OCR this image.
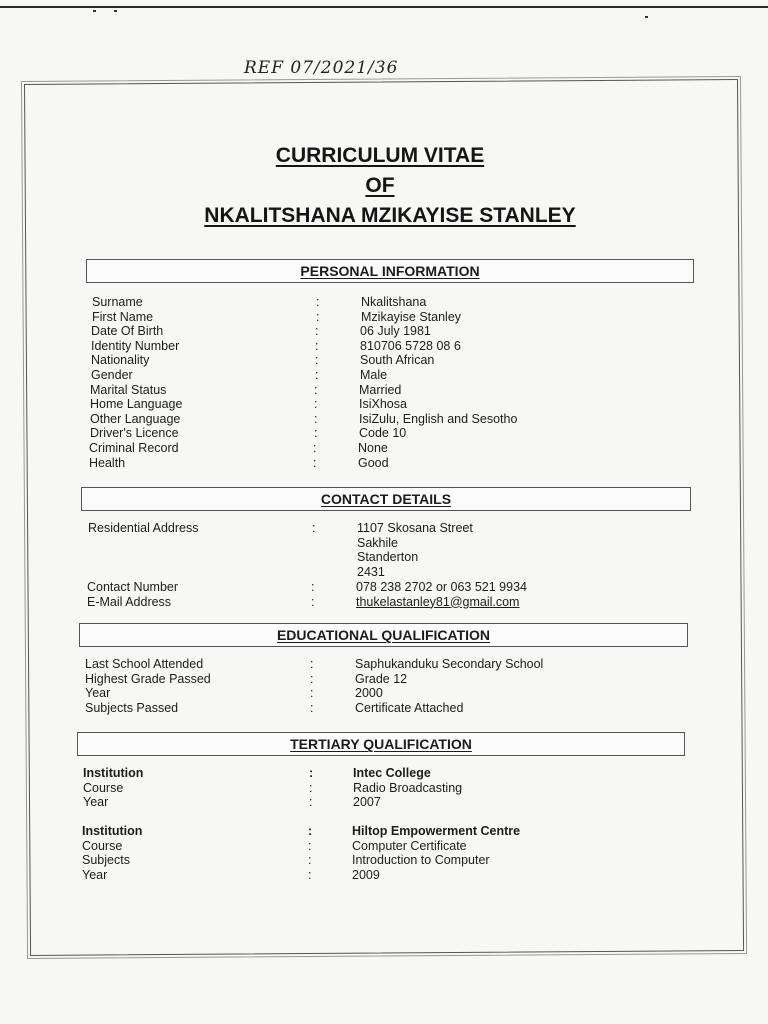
REF 07/2021/36
CURRICULUM VITAE
OF
NKALITSHANA MZIKAYISE STANLEY
PERSONAL INFORMATION
CONTACT DETAILS
EDUCATIONAL QUALIFICATION
TERTIARY QUALIFICATION
Surname	:	Nkalitshana
First Name	:	Mzikayise Stanley
Date Of Birth	:	06 July 1981
Identity Number	:	810706 5728 08 6
Nationality	:	South African
Gender	:	Male
Marital Status	:	Married
Home Language	:	IsiXhosa
Other Language	:	IsiZulu, English and Sesotho
Driver's Licence	:	Code 10
Criminal Record	:	None
Health	:	Good
Residential Address	:	1107 Skosana Street
Sakhile
Standerton
2431
Contact Number	:	078 238 2702 or 063 521 9934
E-Mail Address	:	thukelastanley81@gmail.com
Last School Attended	:	Saphukanduku Secondary School
Highest Grade Passed	:	Grade 12
Year	:	2000
Subjects Passed	:	Certificate Attached
Institution	:	Intec College
Course	:	Radio Broadcasting
Year	:	2007
Institution	:	Hiltop Empowerment Centre
Course	:	Computer Certificate
Subjects	:	Introduction to Computer
Year	:	2009
